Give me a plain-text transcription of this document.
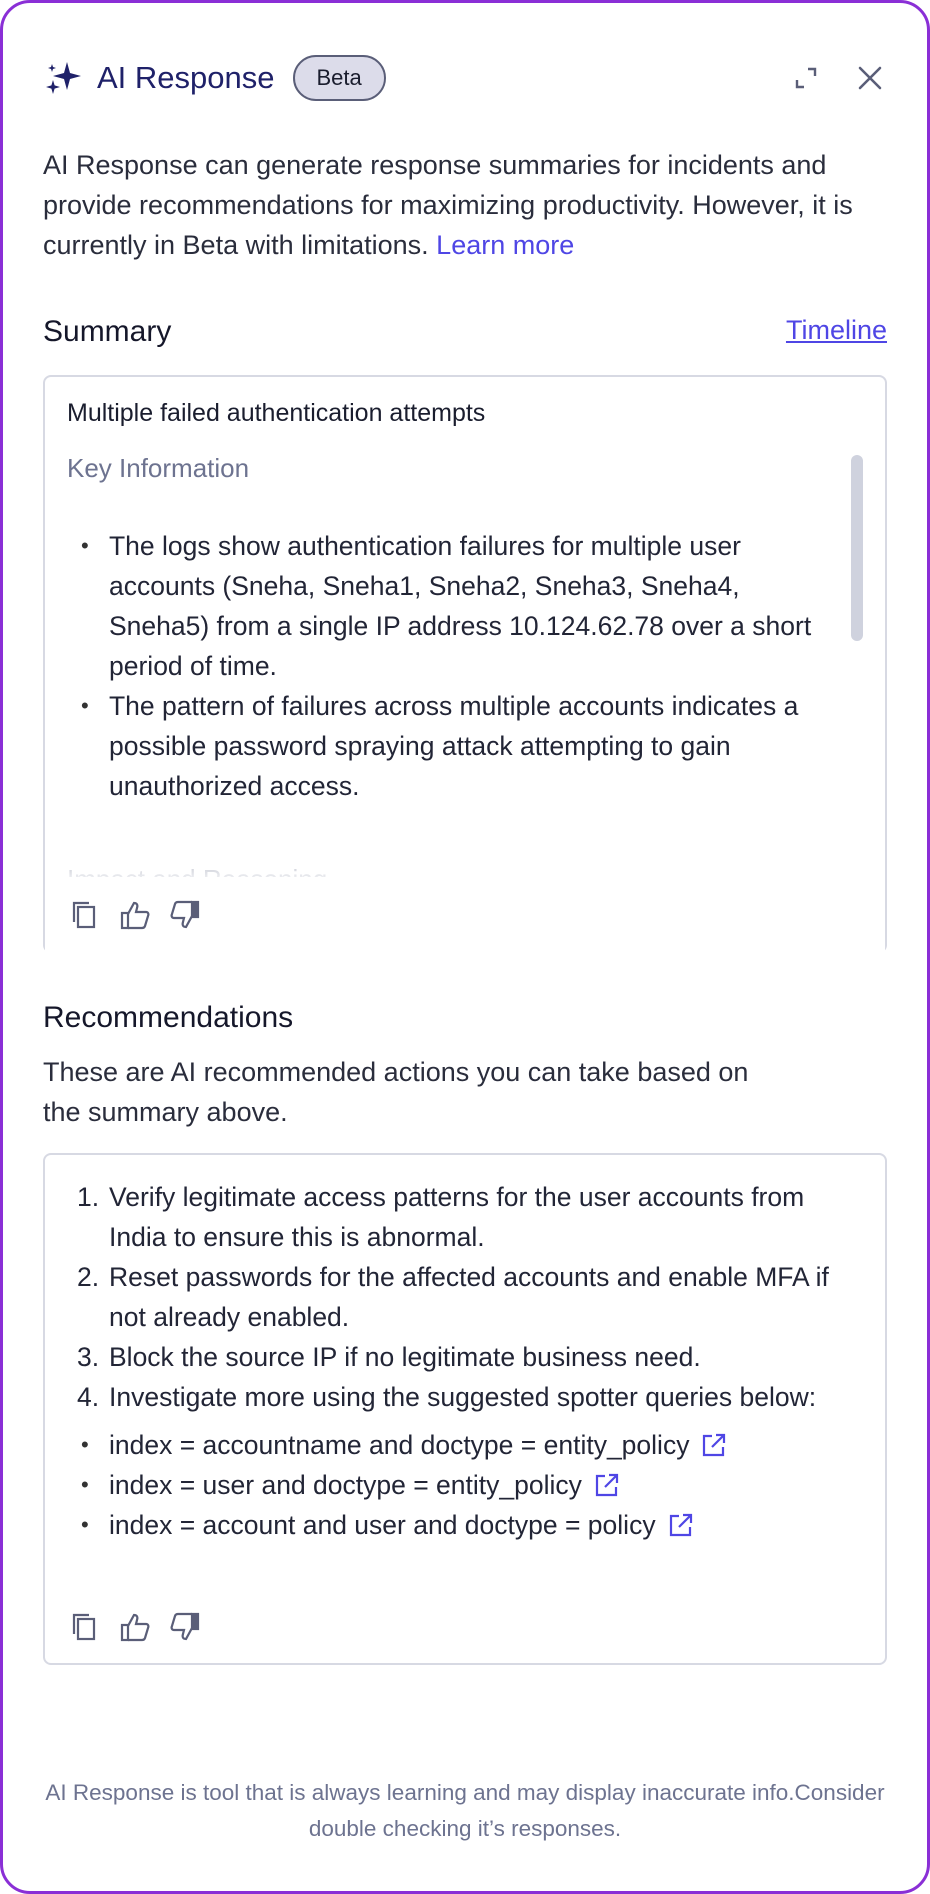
AI Response	Beta
AI Response can generate response summaries for incidents and provide recommendations for maximizing productivity. However, it is currently in Beta with limitations. Learn more
Summary	Timeline
Multiple failed authentication attempts
Key Information
• The logs show authentication failures for multiple user accounts (Sneha, Sneha1, Sneha2, Sneha3, Sneha4, Sneha5) from a single IP address 10.124.62.78 over a short period of time.
• The pattern of failures across multiple accounts indicates a possible password spraying attack attempting to gain unauthorized access.
Recommendations
These are AI recommended actions you can take based on the summary above.
1. Verify legitimate access patterns for the user accounts from India to ensure this is abnormal.
2. Reset passwords for the affected accounts and enable MFA if not already enabled.
3. Block the source IP if no legitimate business need.
4. Investigate more using the suggested spotter queries below:
• index = accountname and doctype = entity_policy
• index = user and doctype = entity_policy
• index = account and user and doctype = policy
AI Response is tool that is always learning and may display inaccurate info.Consider double checking it’s responses.
